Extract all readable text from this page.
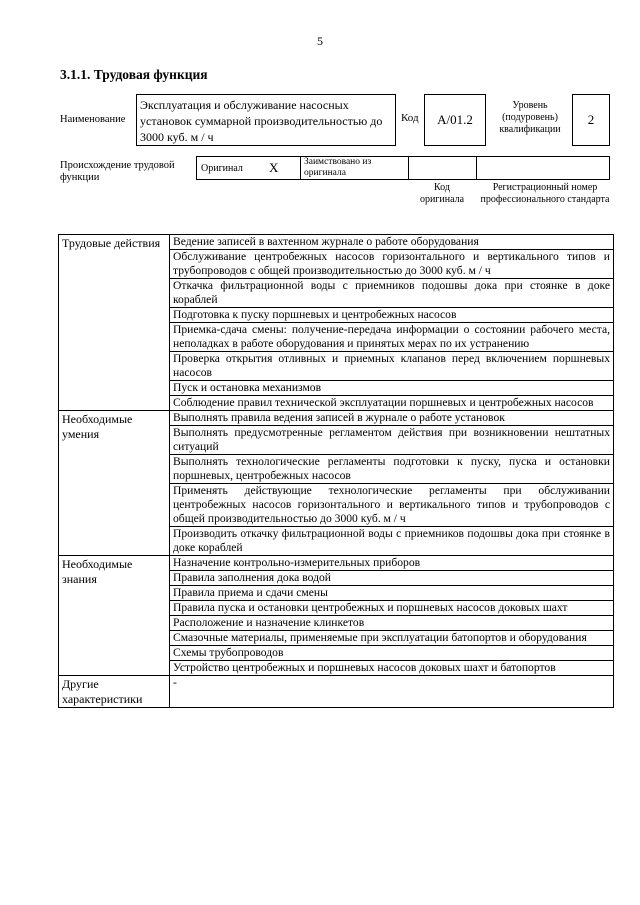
5
3.1.1. Трудовая функция
Наименование
Эксплуатация и обслуживание насосных установок суммарной производительностью до 3000 куб. м / ч
Код А/01.2
Уровень (подуровень) квалификации
2
Происхождение трудовой функции
Оригинал X	Заимствовано из оригинала
Код оригинала
Регистрационный номер профессионального стандарта
Трудовые действия	Ведение записей в вахтенном журнале о работе оборудования
	Обслуживание центробежных насосов горизонтального и вертикального типов и трубопроводов с общей производительностью до 3000 куб. м / ч
	Откачка фильтрационной воды с приемников подошвы дока при стоянке в доке кораблей
	Подготовка к пуску поршневых и центробежных насосов
	Приемка-сдача смены: получение-передача информации о состоянии рабочего места, неполадках в работе оборудования и принятых мерах по их устранению
	Проверка открытия отливных и приемных клапанов перед включением поршневых насосов
	Пуск и остановка механизмов
	Соблюдение правил технической эксплуатации поршневых и центробежных насосов
Необходимые умения	Выполнять правила ведения записей в журнале о работе установок
	Выполнять предусмотренные регламентом действия при возникновении нештатных ситуаций
	Выполнять технологические регламенты подготовки к пуску, пуска и остановки поршневых, центробежных насосов
	Применять действующие технологические регламенты при обслуживании центробежных насосов горизонтального и вертикального типов и трубопроводов с общей производительностью до 3000 куб. м / ч
	Производить откачку фильтрационной воды с приемников подошвы дока при стоянке в доке кораблей
Необходимые знания	Назначение контрольно-измерительных приборов
	Правила заполнения дока водой
	Правила приема и сдачи смены
	Правила пуска и остановки центробежных и поршневых насосов доковых шахт
	Расположение и назначение клинкетов
	Смазочные материалы, применяемые при эксплуатации батопортов и оборудования
	Схемы трубопроводов
	Устройство центробежных и поршневых насосов доковых шахт и батопортов
Другие характеристики	-
